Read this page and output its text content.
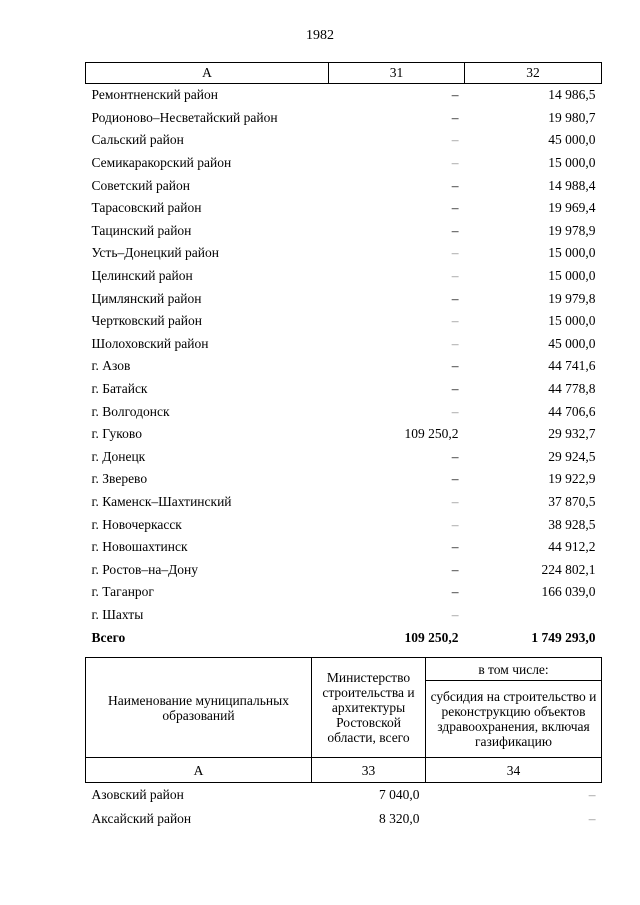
1982
А	31	32
Ремонтненский район	–	14 986,5
Родионово–Несветайский район	–	19 980,7
Сальский район	–	45 000,0
Семикаракорский район	–	15 000,0
Советский район	–	14 988,4
Тарасовский район	–	19 969,4
Тацинский район	–	19 978,9
Усть–Донецкий район	–	15 000,0
Целинский район	–	15 000,0
Цимлянский район	–	19 979,8
Чертковский район	–	15 000,0
Шолоховский район	–	45 000,0
г. Азов	–	44 741,6
г. Батайск	–	44 778,8
г. Волгодонск	–	44 706,6
г. Гуково	109 250,2	29 932,7
г. Донецк	–	29 924,5
г. Зверево	–	19 922,9
г. Каменск–Шахтинский	–	37 870,5
г. Новочеркасск	–	38 928,5
г. Новошахтинск	–	44 912,2
г. Ростов–на–Дону	–	224 802,1
г. Таганрог	–	166 039,0
г. Шахты	–	
Всего	109 250,2	1 749 293,0
Наименование муниципальных образований	Министерство строительства и архитектуры Ростовской области, всего	в том числе:
		субсидия на строительство и реконструкцию объектов здравоохранения, включая газификацию
А	33	34
Азовский район	7 040,0	–
Аксайский район	8 320,0	–
